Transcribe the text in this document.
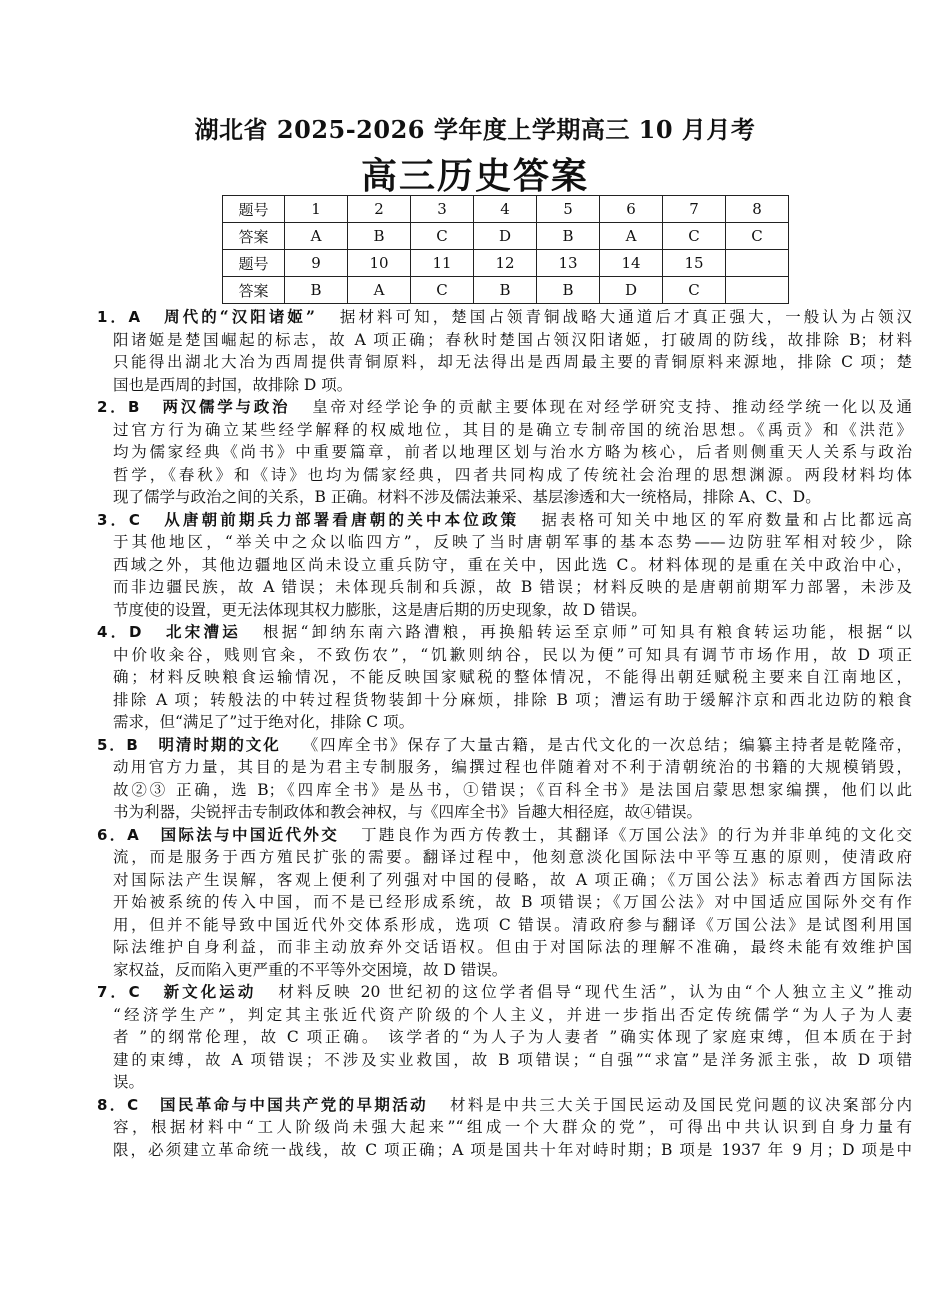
湖北省 2025-2026 学年度上学期高三 10 月月考
高三历史答案
题号	1	2	3	4	5	6	7	8
答案	A	B	C	D	B	A	C	C
题号	9	10	11	12	13	14	15	
答案	B	A	C	B	B	D	C	
1．A 周代的“汉阳诸姬” 据材料可知，楚国占领青铜战略大通道后才真正强大，一般认为占领汉
阳诸姬是楚国崛起的标志，故 A 项正确；春秋时楚国占领汉阳诸姬，打破周的防线，故排除 B；材料
只能得出湖北大冶为西周提供青铜原料，却无法得出是西周最主要的青铜原料来源地，排除 C 项；楚
国也是西周的封国，故排除 D 项。
2．B 两汉儒学与政治 皇帝对经学论争的贡献主要体现在对经学研究支持、推动经学统一化以及通
过官方行为确立某些经学解释的权威地位，其目的是确立专制帝国的统治思想。《禹贡》和《洪范》
均为儒家经典《尚书》中重要篇章，前者以地理区划与治水方略为核心，后者则侧重天人关系与政治
哲学，《春秋》和《诗》也均为儒家经典，四者共同构成了传统社会治理的思想渊源。两段材料均体
现了儒学与政治之间的关系，B 正确。材料不涉及儒法兼采、基层渗透和大一统格局，排除 A、C、D。
3．C 从唐朝前期兵力部署看唐朝的关中本位政策 据表格可知关中地区的军府数量和占比都远高
于其他地区，“举关中之众以临四方”，反映了当时唐朝军事的基本态势——边防驻军相对较少，除
西域之外，其他边疆地区尚未设立重兵防守，重在关中，因此选 C。材料体现的是重在关中政治中心，
而非边疆民族，故 A 错误；未体现兵制和兵源，故 B 错误；材料反映的是唐朝前期军力部署，未涉及
节度使的设置，更无法体现其权力膨胀，这是唐后期的历史现象，故 D 错误。
4．D 北宋漕运 根据“卸纳东南六路漕粮，再换船转运至京师”可知具有粮食转运功能，根据“以
中价收籴谷，贱则官籴，不致伤农”，“饥歉则纳谷，民以为便”可知具有调节市场作用，故 D 项正
确；材料反映粮食运输情况，不能反映国家赋税的整体情况，不能得出朝廷赋税主要来自江南地区，
排除 A 项；转般法的中转过程货物装卸十分麻烦，排除 B 项；漕运有助于缓解汴京和西北边防的粮食
需求，但“满足了”过于绝对化，排除 C 项。
5．B 明清时期的文化 《四库全书》保存了大量古籍，是古代文化的一次总结；编纂主持者是乾隆帝，
动用官方力量，其目的是为君主专制服务，编撰过程也伴随着对不利于清朝统治的书籍的大规模销毁，
故②③ 正确，选 B；《四库全书》是丛书，①错误；《百科全书》是法国启蒙思想家编撰，他们以此
书为利器，尖锐抨击专制政体和教会神权，与《四库全书》旨趣大相径庭，故④错误。
6．A 国际法与中国近代外交 丁韪良作为西方传教士，其翻译《万国公法》的行为并非单纯的文化交
流，而是服务于西方殖民扩张的需要。翻译过程中，他刻意淡化国际法中平等互惠的原则，使清政府
对国际法产生误解，客观上便利了列强对中国的侵略，故 A 项正确；《万国公法》标志着西方国际法
开始被系统的传入中国，而不是已经形成系统，故 B 项错误；《万国公法》对中国适应国际外交有作
用，但并不能导致中国近代外交体系形成，选项 C 错误。清政府参与翻译《万国公法》是试图利用国
际法维护自身利益，而非主动放弃外交话语权。但由于对国际法的理解不准确，最终未能有效维护国
家权益，反而陷入更严重的不平等外交困境，故 D 错误。
7．C 新文化运动 材料反映 20 世纪初的这位学者倡导“现代生活”，认为由“个人独立主义”推动
“经济学生产”，判定其主张近代资产阶级的个人主义，并进一步指出否定传统儒学“为人子为人妻
者 ”的纲常伦理，故 C 项正确。 该学者的“为人子为人妻者 ”确实体现了家庭束缚，但本质在于封
建的束缚，故 A 项错误；不涉及实业救国，故 B 项错误；“自强”“求富”是洋务派主张，故 D 项错
误。
8．C 国民革命与中国共产党的早期活动 材料是中共三大关于国民运动及国民党问题的议决案部分内
容，根据材料中“工人阶级尚未强大起来”“组成一个大群众的党”，可得出中共认识到自身力量有
限，必须建立革命统一战线，故 C 项正确；A 项是国共十年对峙时期；B 项是 1937 年 9 月；D 项是中
